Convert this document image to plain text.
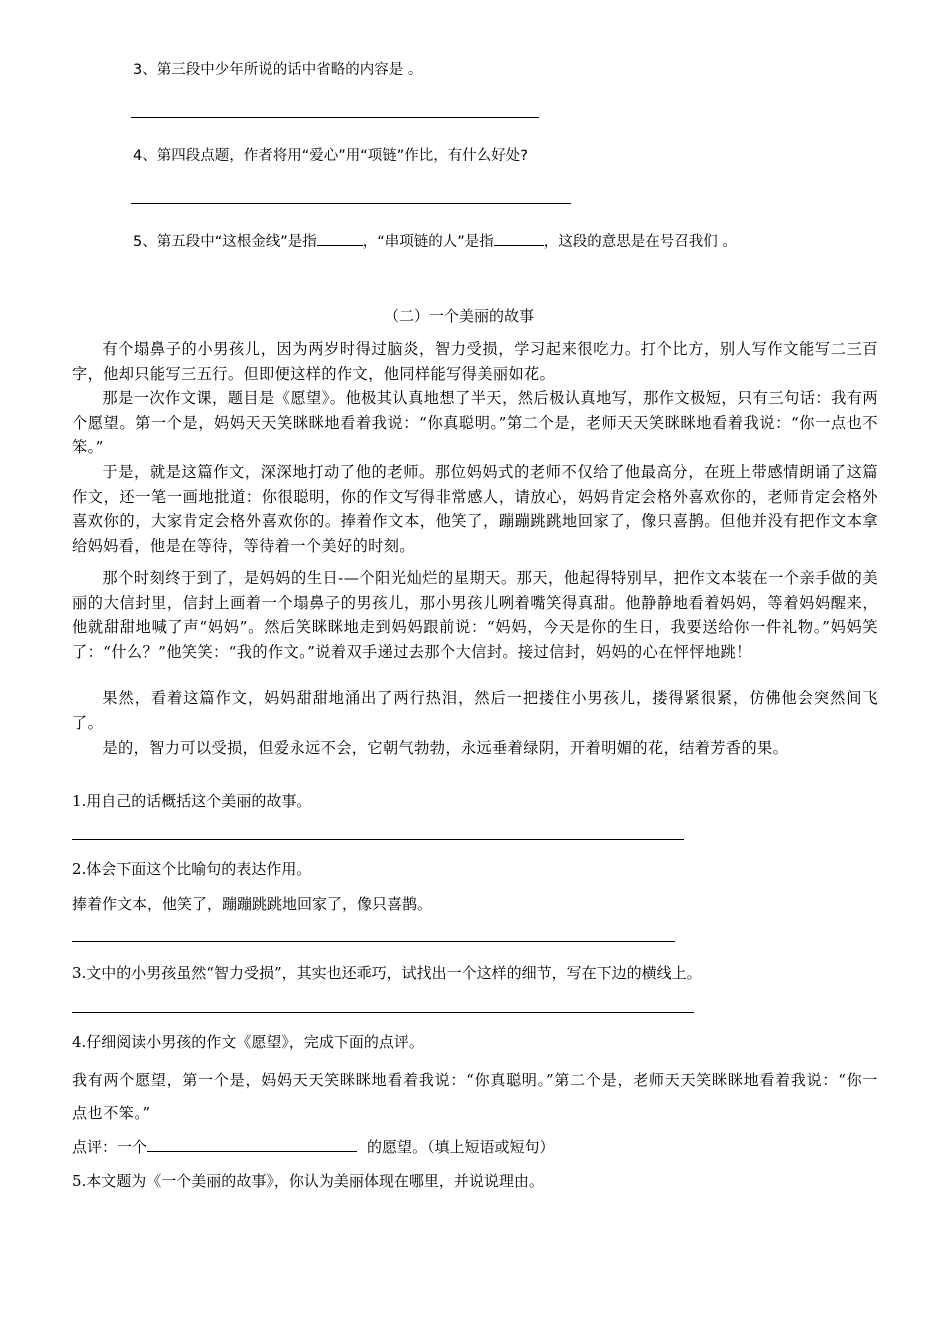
3、第三段中少年所说的话中省略的内容是 。
4、第四段点题，作者将用“爱心”用“项链”作比，有什么好处?
5、第五段中“这根金线”是指	，“串项链的人”是指	，这段的意思是在号召我们 。
（二）一个美丽的故事
有个塌鼻子的小男孩儿，因为两岁时得过脑炎，智力受损，学习起来很吃力。打个比方，别人写作文能写二三百字，他却只能写三五行。但即便这样的作文，他同样能写得美丽如花。
那是一次作文课，题目是《愿望》。他极其认真地想了半天，然后极认真地写，那作文极短，只有三句话：我有两个愿望。第一个是，妈妈天天笑眯眯地看着我说：“你真聪明。”第二个是，老师天天笑眯眯地看着我说：“你一点也不笨。”
于是，就是这篇作文，深深地打动了他的老师。那位妈妈式的老师不仅给了他最高分，在班上带感情朗诵了这篇作文，还一笔一画地批道：你很聪明，你的作文写得非常感人，请放心，妈妈肯定会格外喜欢你的，老师肯定会格外喜欢你的，大家肯定会格外喜欢你的。捧着作文本，他笑了，蹦蹦跳跳地回家了，像只喜鹊。但他并没有把作文本拿给妈妈看，他是在等待，等待着一个美好的时刻。
那个时刻终于到了，是妈妈的生日-—个阳光灿烂的星期天。那天，他起得特别早，把作文本装在一个亲手做的美丽的大信封里，信封上画着一个塌鼻子的男孩儿，那小男孩儿咧着嘴笑得真甜。他静静地看着妈妈，等着妈妈醒来，他就甜甜地喊了声“妈妈”。然后笑眯眯地走到妈妈跟前说：“妈妈，今天是你的生日，我要送给你一件礼物。”妈妈笑了：“什么？”他笑笑：“我的作文。”说着双手递过去那个大信封。接过信封，妈妈的心在怦怦地跳！
果然，看着这篇作文，妈妈甜甜地涌出了两行热泪，然后一把搂住小男孩儿，搂得紧很紧，仿佛他会突然间飞了。
是的，智力可以受损，但爱永远不会，它朝气勃勃，永远垂着绿阴，开着明媚的花，结着芳香的果。
1.用自己的话概括这个美丽的故事。
2.体会下面这个比喻句的表达作用。
捧着作文本，他笑了，蹦蹦跳跳地回家了，像只喜鹊。
3.文中的小男孩虽然“智力受损”，其实也还乖巧，试找出一个这样的细节，写在下边的横线上。
4.仔细阅读小男孩的作文《愿望》，完成下面的点评。
我有两个愿望，第一个是，妈妈天天笑眯眯地看着我说：“你真聪明。”第二个是，老师天天笑眯眯地看着我说：“你一点也不笨。”
点评：一个	的愿望。（填上短语或短句）
5.本文题为《一个美丽的故事》，你认为美丽体现在哪里，并说说理由。
